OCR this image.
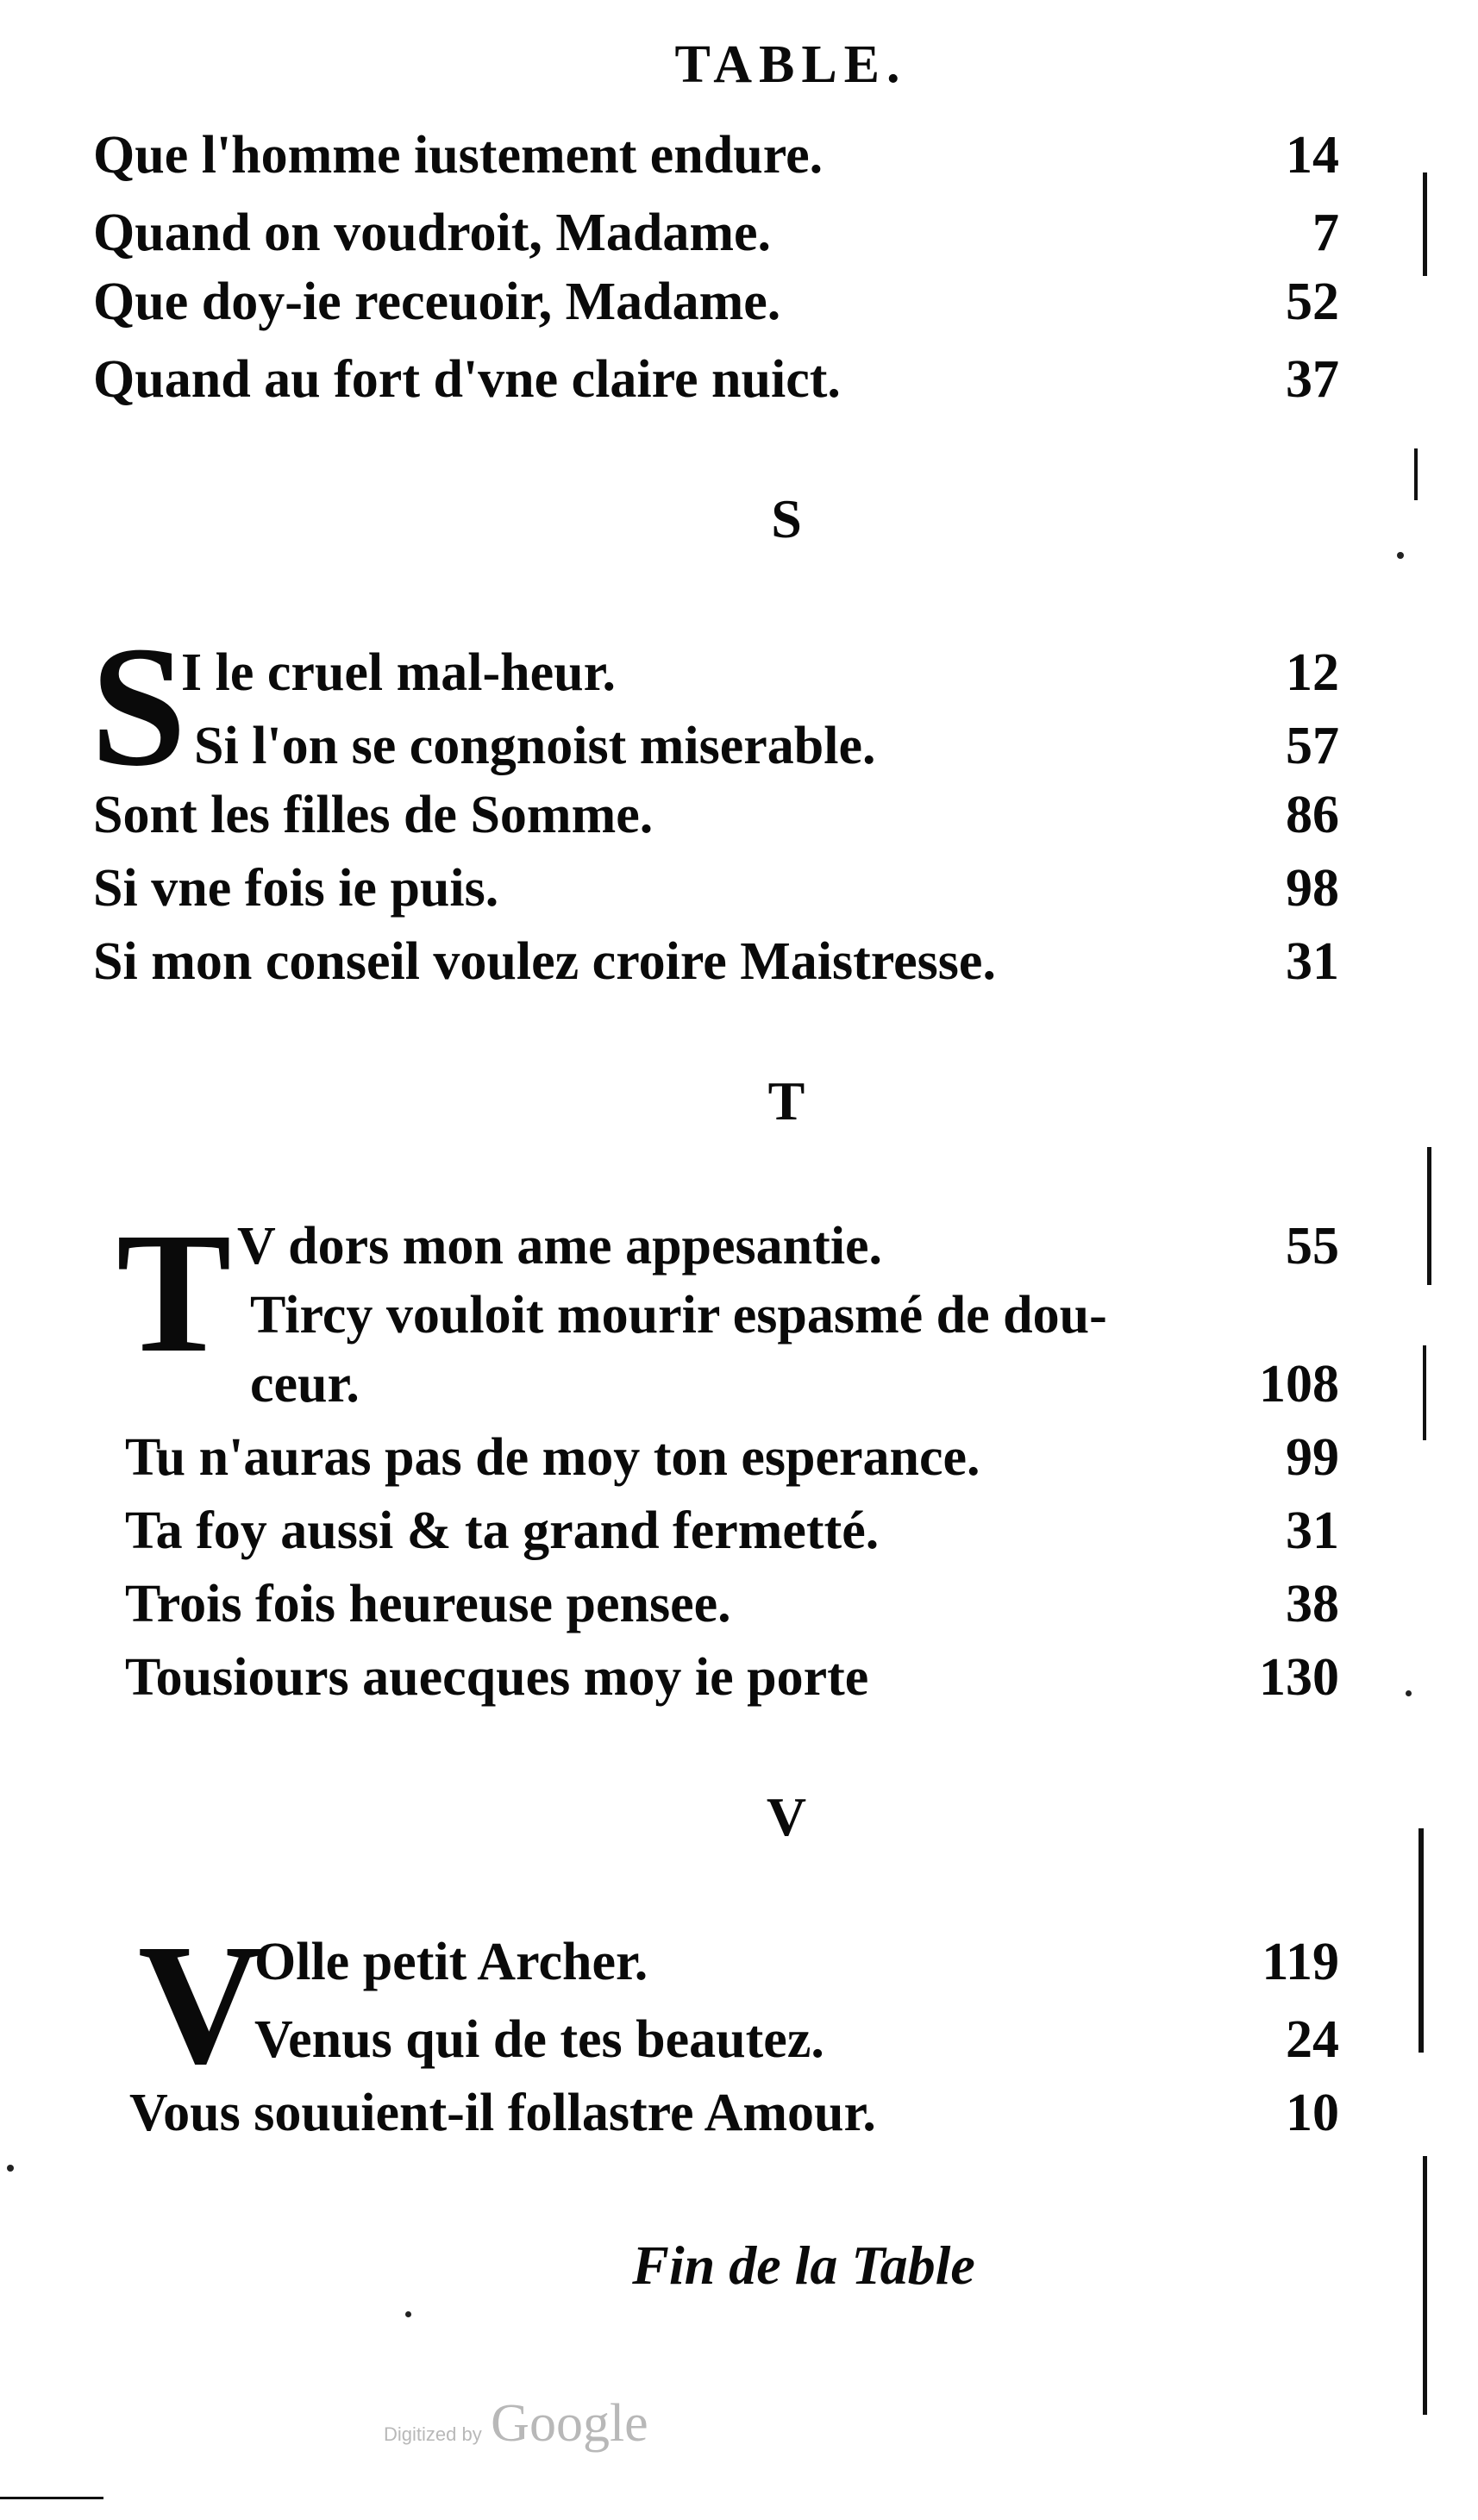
TABLE.
Que l'homme iustement endure.	14
Quand on voudroit, Madame.	7
Que doy-ie receuoir, Madame.	52
Quand au fort d'vne claire nuict.	37
S
S
I le cruel mal-heur.	12
Si l'on se congnoist miserable.	57
Sont les filles de Somme.	86
Si vne fois ie puis.	98
Si mon conseil voulez croire Maistresse.	31
T
T V dors mon ame appesantie.	55
Tircy vouloit mourir espasmé de dou-
ceur.	108
Tu n'auras pas de moy ton esperance.	99
Ta foy aussi & ta grand fermetté.	31
Trois fois heureuse pensee.	38
Tousiours auecques moy ie porte	130
V
V
Olle petit Archer.	119
Venus qui de tes beautez.	24
Vous souuient-il follastre Amour.	10
Fin de la Table
Digitized by Google
